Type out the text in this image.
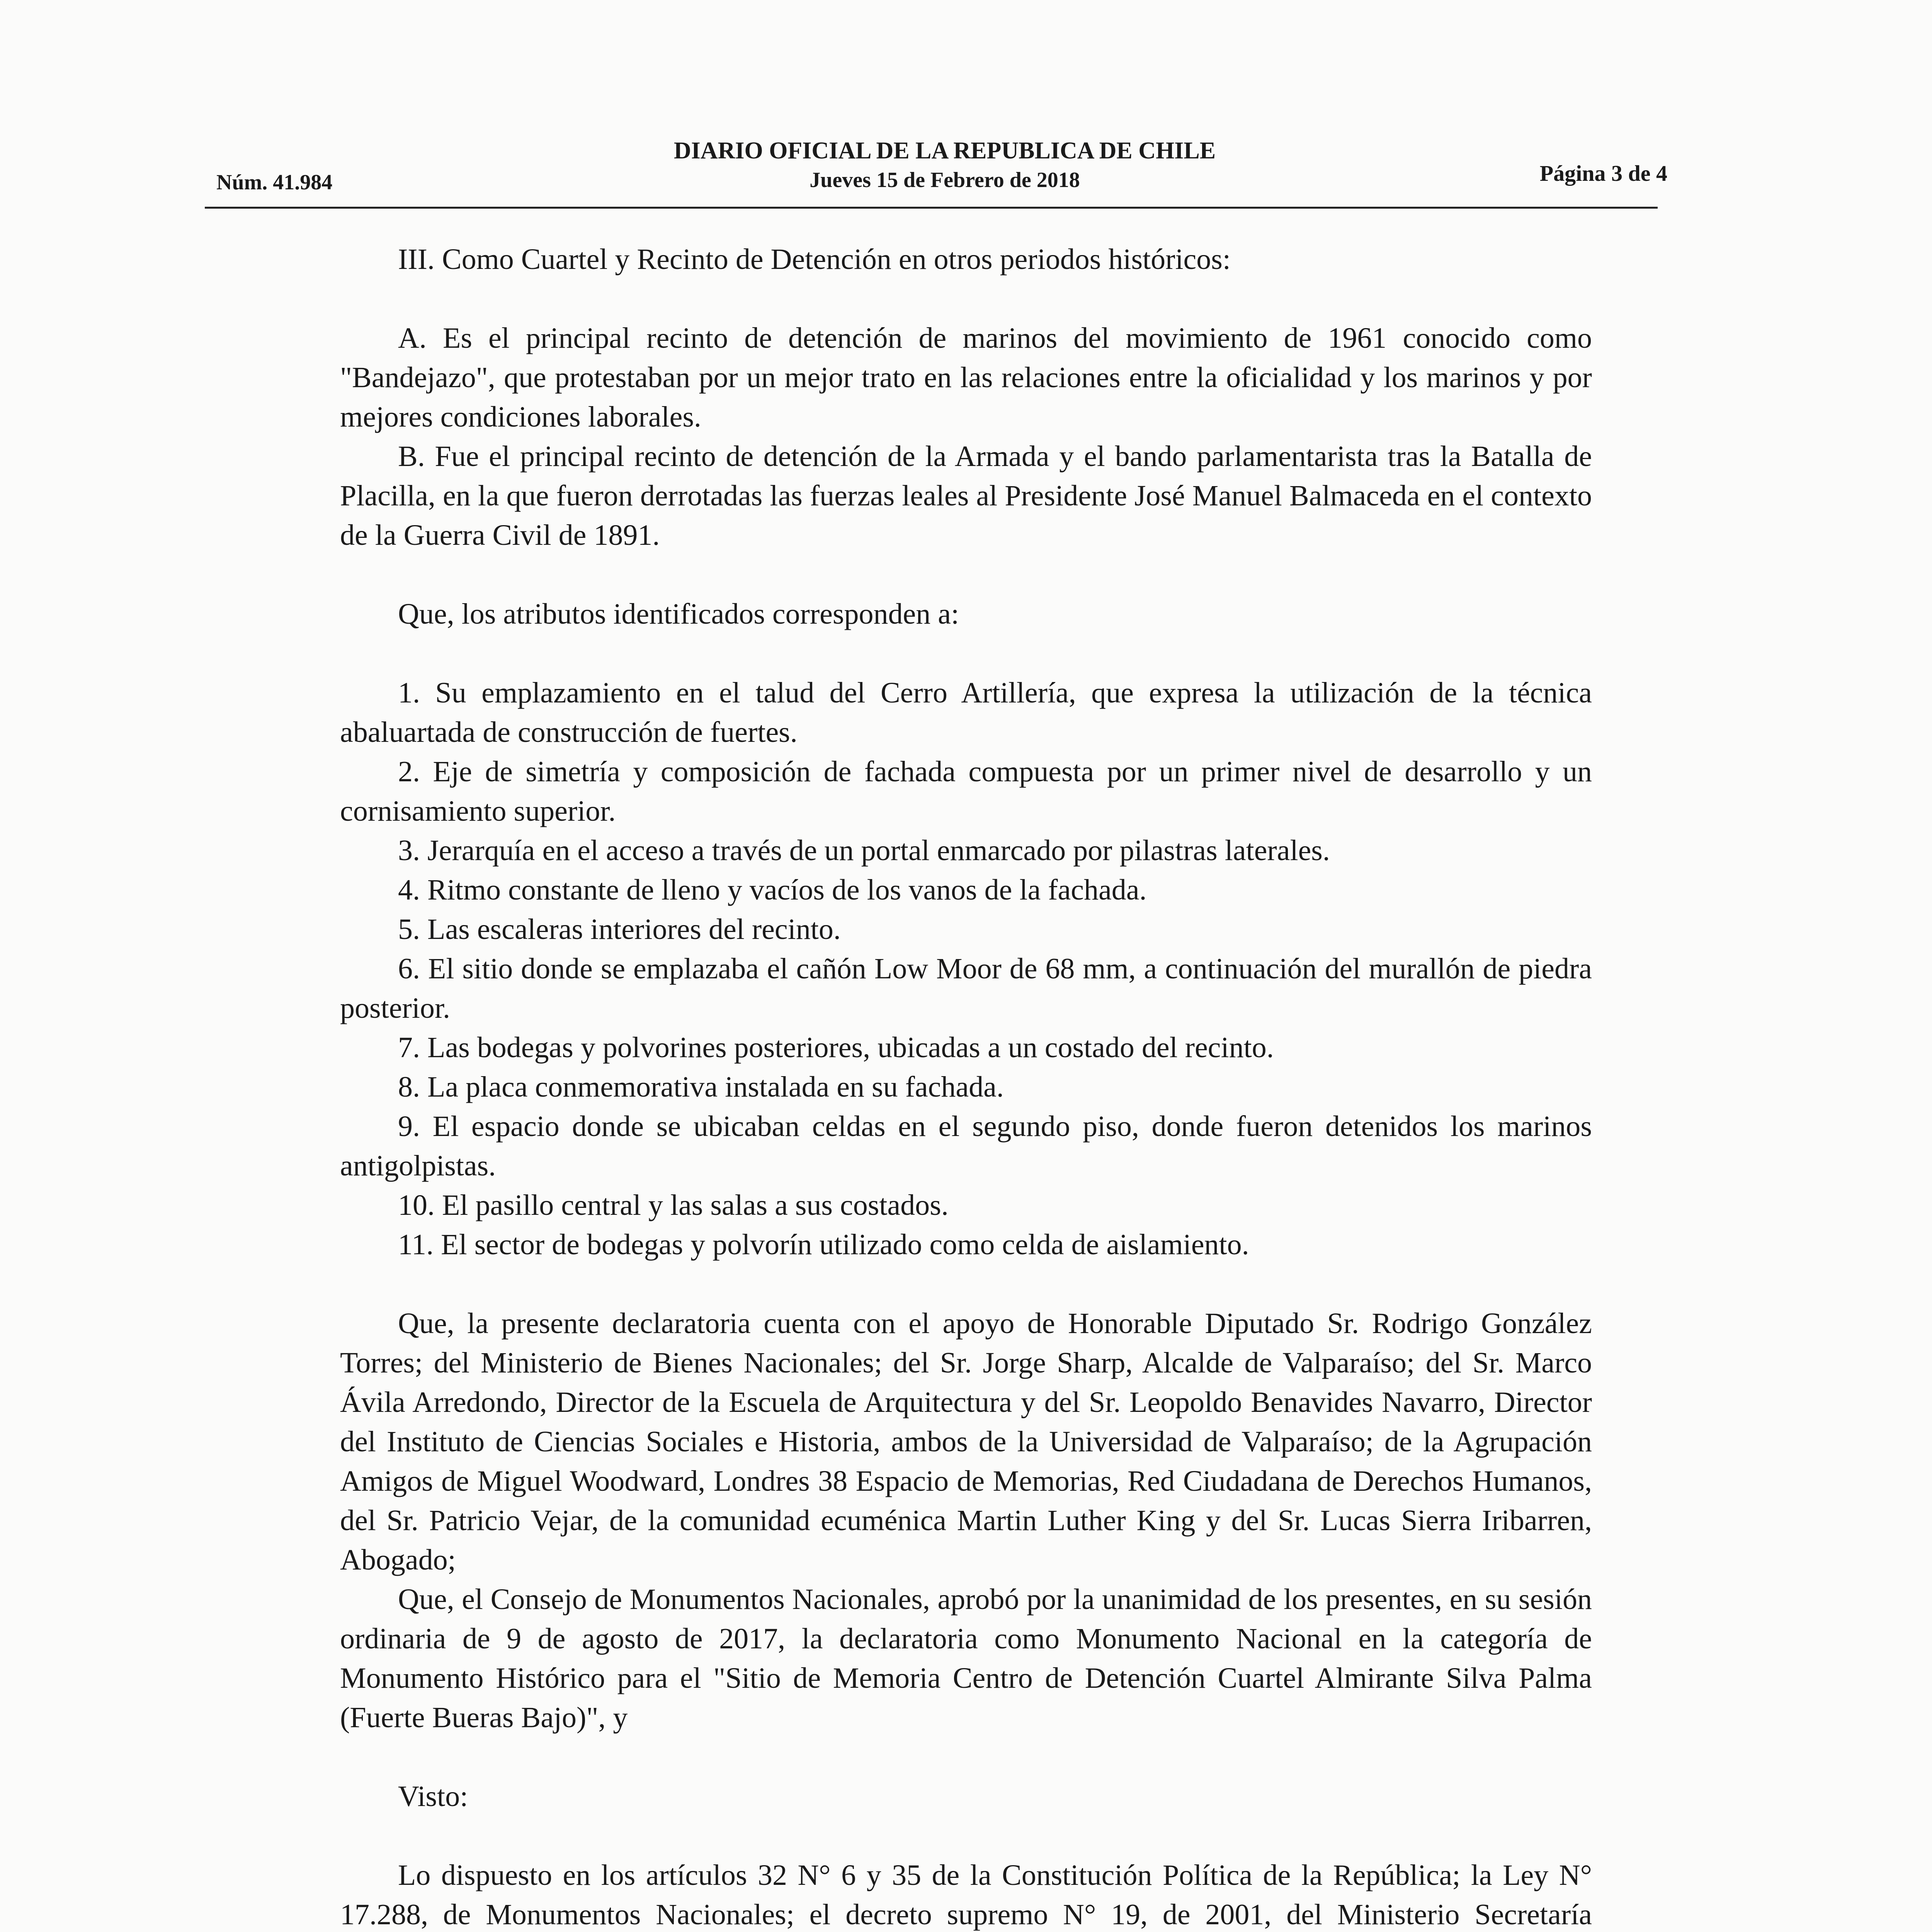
Núm. 41.984
DIARIO OFICIAL DE LA REPUBLICA DE CHILE
Jueves 15 de Febrero de 2018	Página 3 de 4

III. Como Cuartel y Recinto de Detención en otros periodos históricos:

A. Es el principal recinto de detención de marinos del movimiento de 1961 conocido como "Bandejazo", que protestaban por un mejor trato en las relaciones entre la oficialidad y los marinos y por mejores condiciones laborales.

B. Fue el principal recinto de detención de la Armada y el bando parlamentarista tras la Batalla de Placilla, en la que fueron derrotadas las fuerzas leales al Presidente José Manuel Balmaceda en el contexto de la Guerra Civil de 1891.

Que, los atributos identificados corresponden a:

1. Su emplazamiento en el talud del Cerro Artillería, que expresa la utilización de la técnica abaluartada de construcción de fuertes.

2. Eje de simetría y composición de fachada compuesta por un primer nivel de desarrollo y un cornisamiento superior.

3. Jerarquía en el acceso a través de un portal enmarcado por pilastras laterales.

4. Ritmo constante de lleno y vacíos de los vanos de la fachada.

5. Las escaleras interiores del recinto.

6. El sitio donde se emplazaba el cañón Low Moor de 68 mm, a continuación del murallón de piedra posterior.

7. Las bodegas y polvorines posteriores, ubicadas a un costado del recinto.

8. La placa conmemorativa instalada en su fachada.

9. El espacio donde se ubicaban celdas en el segundo piso, donde fueron detenidos los marinos antigolpistas.

10. El pasillo central y las salas a sus costados.

11. El sector de bodegas y polvorín utilizado como celda de aislamiento.

Que, la presente declaratoria cuenta con el apoyo de Honorable Diputado Sr. Rodrigo González Torres; del Ministerio de Bienes Nacionales; del Sr. Jorge Sharp, Alcalde de Valparaíso; del Sr. Marco Ávila Arredondo, Director de la Escuela de Arquitectura y del Sr. Leopoldo Benavides Navarro, Director del Instituto de Ciencias Sociales e Historia, ambos de la Universidad de Valparaíso; de la Agrupación Amigos de Miguel Woodward, Londres 38 Espacio de Memorias, Red Ciudadana de Derechos Humanos, del Sr. Patricio Vejar, de la comunidad ecuménica Martin Luther King y del Sr. Lucas Sierra Iribarren, Abogado;

Que, el Consejo de Monumentos Nacionales, aprobó por la unanimidad de los presentes, en su sesión ordinaria de 9 de agosto de 2017, la declaratoria como Monumento Nacional en la categoría de Monumento Histórico para el "Sitio de Memoria Centro de Detención Cuartel Almirante Silva Palma (Fuerte Bueras Bajo)", y

Visto:

Lo dispuesto en los artículos 32 N° 6 y 35 de la Constitución Política de la República; la Ley N° 17.288, de Monumentos Nacionales; el decreto supremo N° 19, de 2001, del Ministerio Secretaría
